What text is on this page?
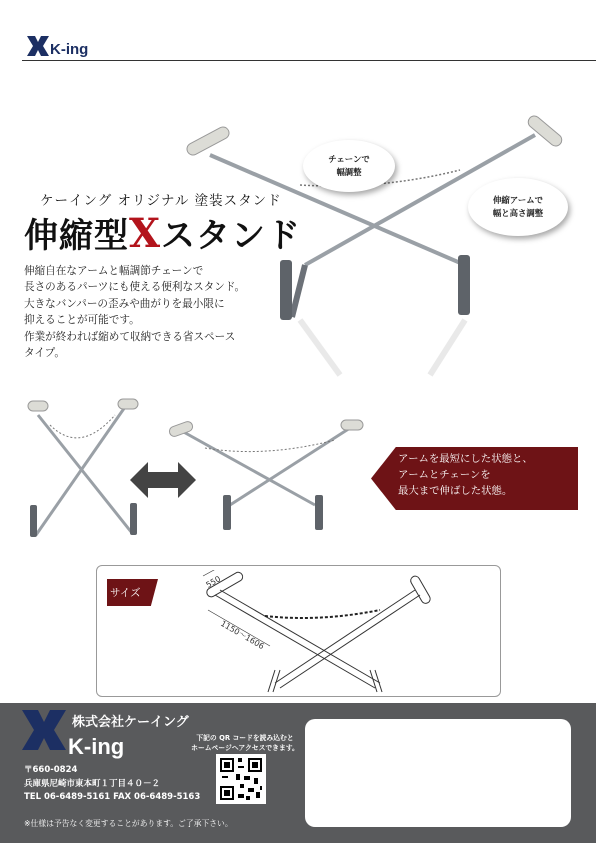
K-ing
チェーンで
幅調整
伸縮アームで
幅と高さ調整
ケーイング オリジナル 塗装スタンド
伸縮型Xスタンド
伸縮自在なアームと幅調節チェーンで
長さのあるパーツにも使える便利なスタンド。
大きなバンパーの歪みや曲がりを最小限に
抑えることが可能です。
作業が終われば縮めて収納できる省スペース
タイプ。
アームを最短にした状態と、
アームとチェーンを
最大まで伸ばした状態。
サイズ
550
1150〜1606
K-ing
株式会社ケーイング
〒660-0824
兵庫県尼崎市東本町１丁目４０－２
TEL 06-6489-5161 FAX 06-6489-5163
下記の QR コードを読み込むと
ホームページへアクセスできます。
※仕様は予告なく変更することがあります。ご了承下さい。
